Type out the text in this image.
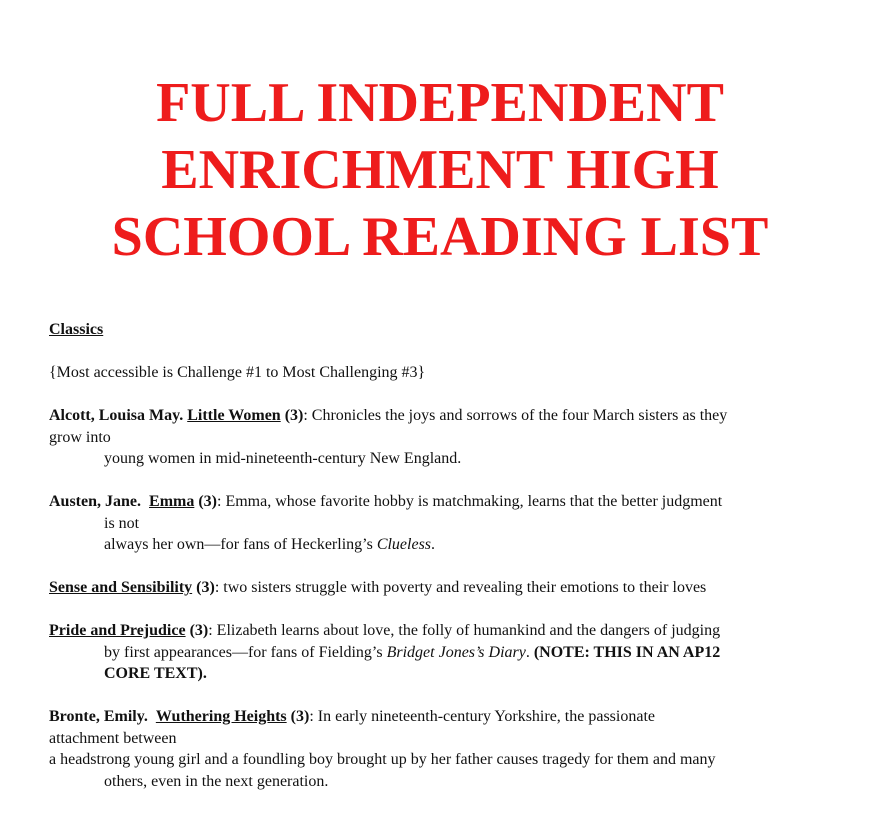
FULL INDEPENDENT
ENRICHMENT HIGH
SCHOOL READING LIST

Classics

{Most accessible is Challenge #1 to Most Challenging #3}

Alcott, Louisa May. Little Women (3): Chronicles the joys and sorrows of the four March sisters as they
grow into
young women in mid-nineteenth-century New England.

Austen, Jane. Emma (3): Emma, whose favorite hobby is matchmaking, learns that the better judgment
is not
always her own—for fans of Heckerling’s Clueless.

Sense and Sensibility (3): two sisters struggle with poverty and revealing their emotions to their loves

Pride and Prejudice (3): Elizabeth learns about love, the folly of humankind and the dangers of judging
by first appearances—for fans of Fielding’s Bridget Jones’s Diary. (NOTE: THIS IN AN AP12
CORE TEXT).

Bronte, Emily. Wuthering Heights (3): In early nineteenth-century Yorkshire, the passionate
attachment between
a headstrong young girl and a foundling boy brought up by her father causes tragedy for them and many
others, even in the next generation.
